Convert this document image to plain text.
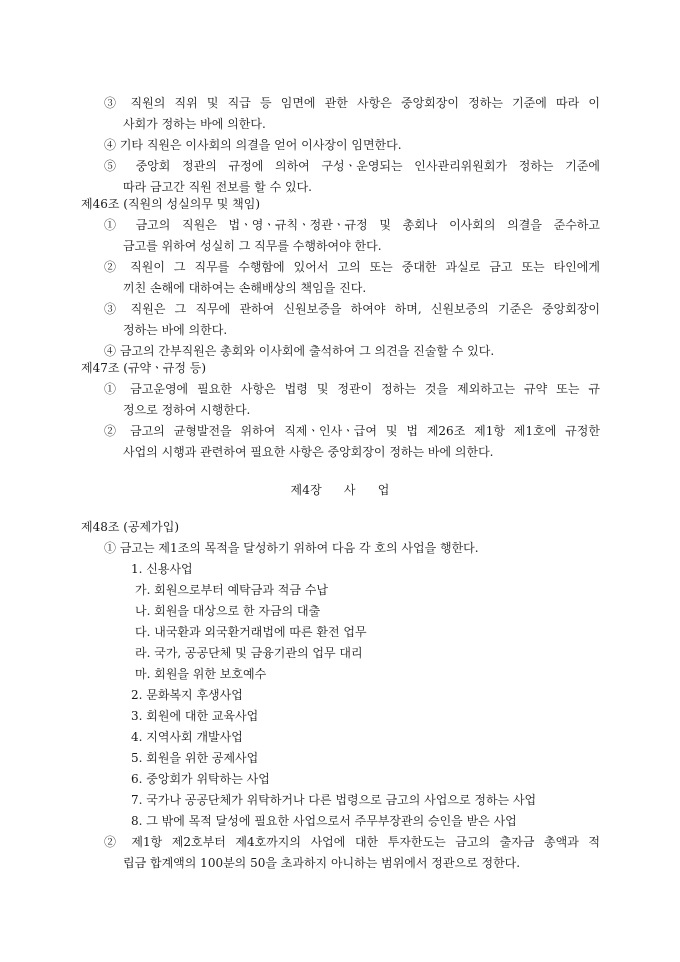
③ 직원의 직위 및 직급 등 임면에 관한 사항은 중앙회장이 정하는 기준에 따라 이
사회가 정하는 바에 의한다.
④ 기타 직원은 이사회의 의결을 얻어 이사장이 임면한다.
⑤ 중앙회 정관의 규정에 의하여 구성ㆍ운영되는 인사관리위원회가 정하는 기준에
따라 금고간 직원 전보를 할 수 있다.
제46조 (직원의 성실의무 및 책임)
① 금고의 직원은 법ㆍ영ㆍ규칙ㆍ정관ㆍ규정 및 총회나 이사회의 의결을 준수하고
금고를 위하여 성실히 그 직무를 수행하여야 한다.
② 직원이 그 직무를 수행함에 있어서 고의 또는 중대한 과실로 금고 또는 타인에게
끼친 손해에 대하여는 손해배상의 책임을 진다.
③ 직원은 그 직무에 관하여 신원보증을 하여야 하며, 신원보증의 기준은 중앙회장이
정하는 바에 의한다.
④ 금고의 간부직원은 총회와 이사회에 출석하여 그 의견을 진술할 수 있다.
제47조 (규약ㆍ규정 등)
① 금고운영에 필요한 사항은 법령 및 정관이 정하는 것을 제외하고는 규약 또는 규
정으로 정하여 시행한다.
② 금고의 균형발전을 위하여 직제ㆍ인사ㆍ급여 및 법 제26조 제1항 제1호에 규정한
사업의 시행과 관련하여 필요한 사항은 중앙회장이 정하는 바에 의한다.
제4장 사 업
제48조 (공제가입)
① 금고는 제1조의 목적을 달성하기 위하여 다음 각 호의 사업을 행한다.
1. 신용사업
가. 회원으로부터 예탁금과 적금 수납
나. 회원을 대상으로 한 자금의 대출
다. 내국환과 외국환거래법에 따른 환전 업무
라. 국가, 공공단체 및 금융기관의 업무 대리
마. 회원을 위한 보호예수
2. 문화복지 후생사업
3. 회원에 대한 교육사업
4. 지역사회 개발사업
5. 회원을 위한 공제사업
6. 중앙회가 위탁하는 사업
7. 국가나 공공단체가 위탁하거나 다른 법령으로 금고의 사업으로 정하는 사업
8. 그 밖에 목적 달성에 필요한 사업으로서 주무부장관의 승인을 받은 사업
② 제1항 제2호부터 제4호까지의 사업에 대한 투자한도는 금고의 출자금 총액과 적
립금 합계액의 100분의 50을 초과하지 아니하는 범위에서 정관으로 정한다.
